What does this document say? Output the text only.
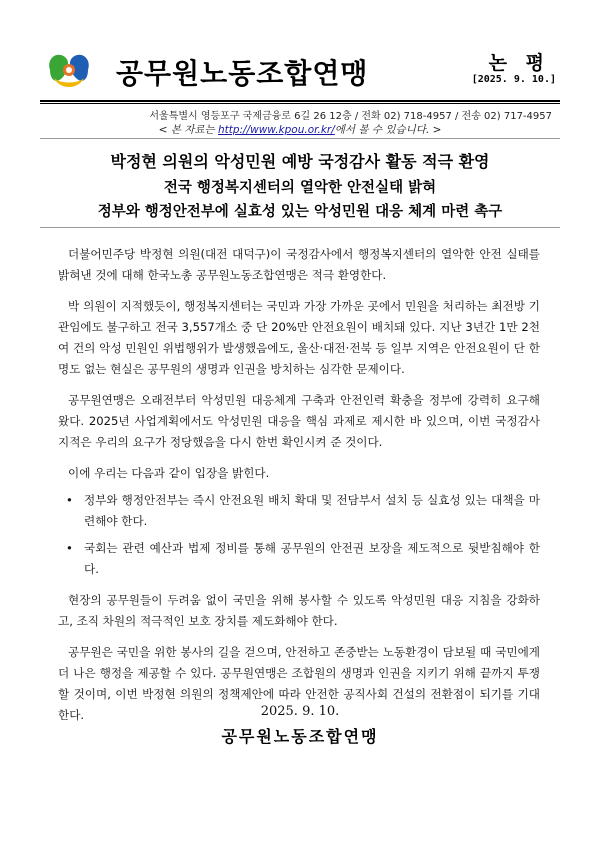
공무원노동조합연맹	논 평
[2025. 9. 10.]
서울특별시 영등포구 국제금융로 6길 26 12층 / 전화 02) 718-4957 / 전송 02) 717-4957
< 본 자료는 http://www.kpou.or.kr/에서 볼 수 있습니다. >
박정현 의원의 악성민원 예방 국정감사 활동 적극 환영
전국 행정복지센터의 열악한 안전실태 밝혀
정부와 행정안전부에 실효성 있는 악성민원 대응 체계 마련 촉구

더불어민주당 박정현 의원(대전 대덕구)이 국정감사에서 행정복지센터의 열악한 안전 실태를 밝혀낸 것에 대해 한국노총 공무원노동조합연맹은 적극 환영한다.

박 의원이 지적했듯이, 행정복지센터는 국민과 가장 가까운 곳에서 민원을 처리하는 최전방 기관임에도 불구하고 전국 3,557개소 중 단 20%만 안전요원이 배치돼 있다. 지난 3년간 1만 2천여 건의 악성 민원인 위법행위가 발생했음에도, 울산·대전·전북 등 일부 지역은 안전요원이 단 한 명도 없는 현실은 공무원의 생명과 인권을 방치하는 심각한 문제이다.

공무원연맹은 오래전부터 악성민원 대응체계 구축과 안전인력 확충을 정부에 강력히 요구해 왔다. 2025년 사업계획에서도 악성민원 대응을 핵심 과제로 제시한 바 있으며, 이번 국정감사 지적은 우리의 요구가 정당했음을 다시 한번 확인시켜 준 것이다.

이에 우리는 다음과 같이 입장을 밝힌다.

• 정부와 행정안전부는 즉시 안전요원 배치 확대 및 전담부서 설치 등 실효성 있는 대책을 마련해야 한다.
• 국회는 관련 예산과 법제 정비를 통해 공무원의 안전권 보장을 제도적으로 뒷받침해야 한다.

현장의 공무원들이 두려움 없이 국민을 위해 봉사할 수 있도록 악성민원 대응 지침을 강화하고, 조직 차원의 적극적인 보호 장치를 제도화해야 한다.

공무원은 국민을 위한 봉사의 길을 걷으며, 안전하고 존중받는 노동환경이 담보될 때 국민에게 더 나은 행정을 제공할 수 있다. 공무원연맹은 조합원의 생명과 인권을 지키기 위해 끝까지 투쟁할 것이며, 이번 박정현 의원의 정책제안에 따라 안전한 공직사회 건설의 전환점이 되기를 기대한다.	2025. 9. 10.
공무원노동조합연맹
